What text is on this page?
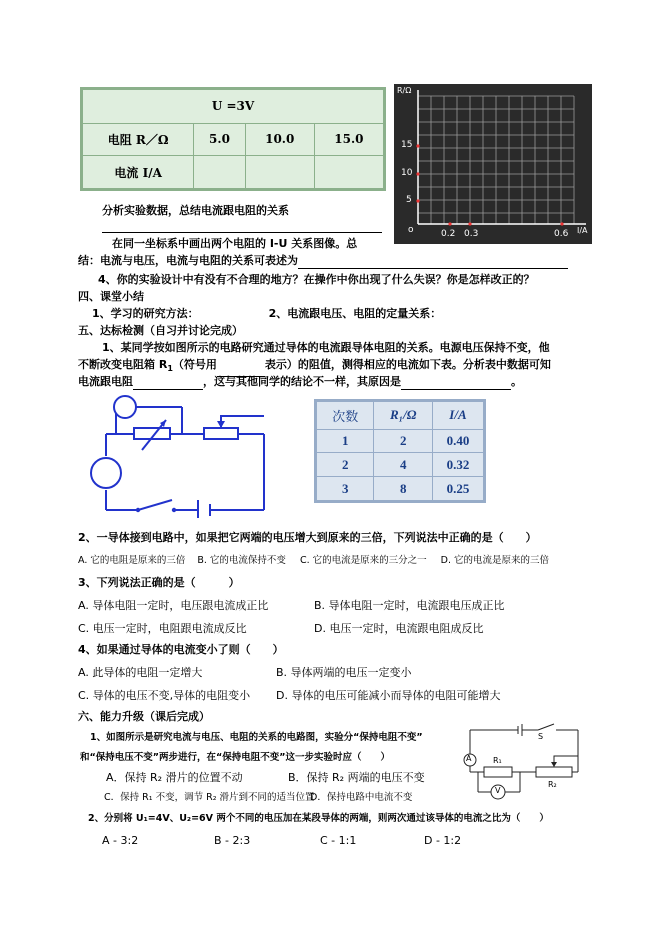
U =3V			
电阻 R／Ω	5.0	10.0	15.0
电流 I/A			
R/Ω
I/A
15
10
5
o	0.2 0.3	0.6
分析实验数据，总结电流跟电阻的关系
在同一坐标系中画出两个电阻的 I-U 关系图像。总
结：电流与电压，电流与电阻的关系可表述为
4、你的实验设计中有没有不合理的地方？在操作中你出现了什么失误？你是怎样改正的？
四、课堂小结
1、学习的研究方法：	2、电流跟电压、电阻的定量关系：
五、达标检测（自习并讨论完成）
1、某同学按如图所示的电路研究通过导体的电流跟导体电阻的关系。电源电压保持不变，他
不断改变电阻箱 $R_1$（符号用	表示）的阻值，测得相应的电流如下表。分析表中数据可知
电流跟电阻	，这与其他同学的结论不一样，其原因是	。
次数	R₁/Ω	I/A
1	2	0.40
2	4	0.32
3	8	0.25
2、一导体接到电路中，如果把它两端的电压增大到原来的三倍，下列说法中正确的是（　　）
A. 它的电阻是原来的三倍 B. 它的电流保持不变 C. 它的电流是原来的三分之一 D. 它的电流是原来的三倍
3、下列说法正确的是（　　　）
A. 导体电阻一定时，电压跟电流成正比	B. 导体电阻一定时，电流跟电压成正比
C. 电压一定时，电阻跟电流成反比	D. 电压一定时，电流跟电阻成反比
4、如果通过导体的电流变小了则（　　）
A. 此导体的电阻一定增大	B. 导体两端的电压一定变小
C. 导体的电压不变,导体的电阻变小 D. 导体的电压可能减小而导体的电阻可能增大
六、能力升级（课后完成）
1、如图所示是研究电流与电压、电阻的关系的电路图，实验分“保持电阻不变”
和“保持电压不变”两步进行，在“保持电阻不变”这一步实验时应（　　）
A．保持 R₂ 滑片的位置不动	B．保持 R₂ 两端的电压不变
C．保持 R₁ 不变，调节 R₂ 滑片到不同的适当位置
D．保持电路中电流不变
2、分别将 U₁=4V、U₂=6V 两个不同的电压加在某段导体的两端，则两次通过该导体的电流之比为（　　）
A - 3:2	B - 2:3	C - 1:1	D - 1:2
A
V
R₁
R₂
S
